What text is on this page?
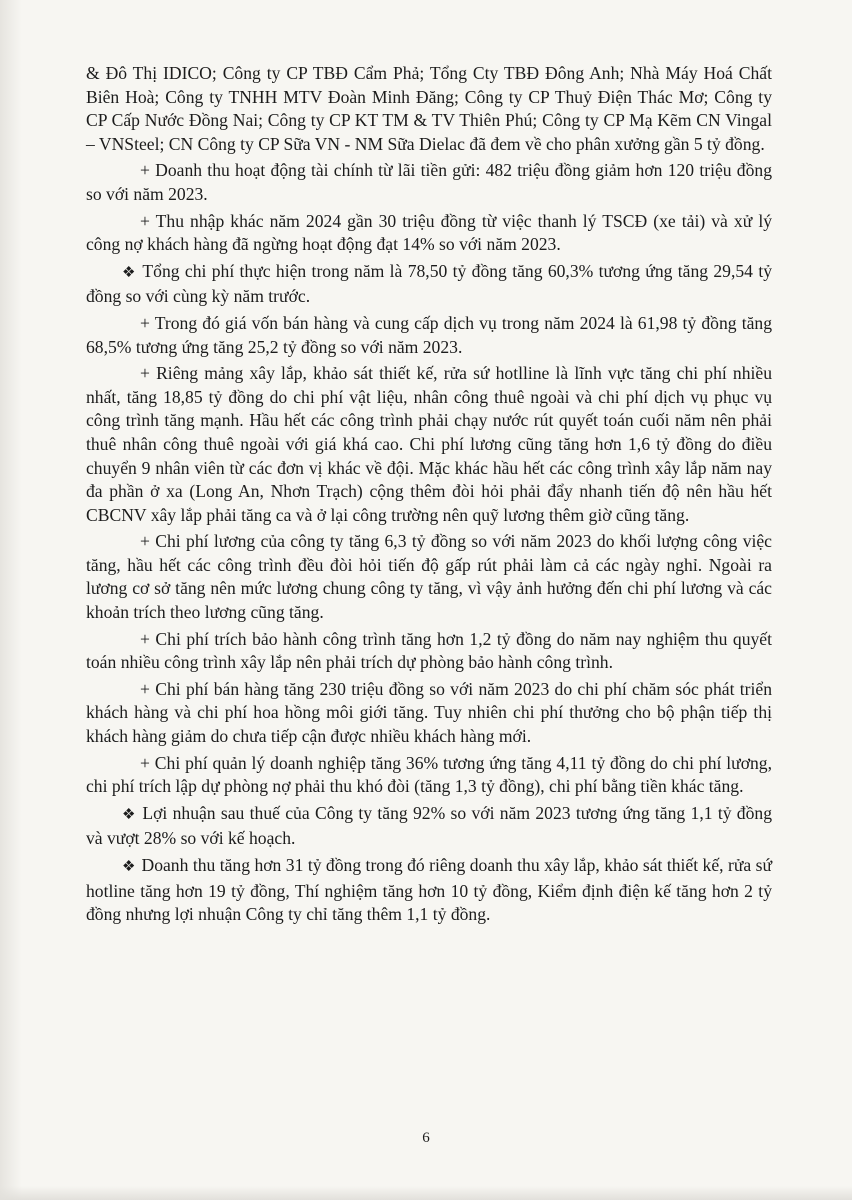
& Đô Thị IDICO; Công ty CP TBĐ Cẩm Phả; Tổng Cty TBĐ Đông Anh; Nhà Máy Hoá Chất Biên Hoà; Công ty TNHH MTV Đoàn Minh Đăng; Công ty CP Thuỷ Điện Thác Mơ; Công ty CP Cấp Nước Đồng Nai; Công ty CP KT TM & TV Thiên Phú; Công ty CP Mạ Kẽm CN Vingal – VNSteel; CN Công ty CP Sữa VN - NM Sữa Dielac đã đem về cho phân xưởng gần 5 tỷ đồng.

+ Doanh thu hoạt động tài chính từ lãi tiền gửi: 482 triệu đồng giảm hơn 120 triệu đồng so với năm 2023.

+ Thu nhập khác năm 2024 gần 30 triệu đồng từ việc thanh lý TSCĐ (xe tải) và xử lý công nợ khách hàng đã ngừng hoạt động đạt 14% so với năm 2023.

❖ Tổng chi phí thực hiện trong năm là 78,50 tỷ đồng tăng 60,3% tương ứng tăng 29,54 tỷ đồng so với cùng kỳ năm trước.

+ Trong đó giá vốn bán hàng và cung cấp dịch vụ trong năm 2024 là 61,98 tỷ đồng tăng 68,5% tương ứng tăng 25,2 tỷ đồng so với năm 2023.

+ Riêng mảng xây lắp, khảo sát thiết kế, rửa sứ hotlline là lĩnh vực tăng chi phí nhiều nhất, tăng 18,85 tỷ đồng do chi phí vật liệu, nhân công thuê ngoài và chi phí dịch vụ phục vụ công trình tăng mạnh. Hầu hết các công trình phải chạy nước rút quyết toán cuối năm nên phải thuê nhân công thuê ngoài với giá khá cao. Chi phí lương cũng tăng hơn 1,6 tỷ đồng do điều chuyển 9 nhân viên từ các đơn vị khác về đội. Mặc khác hầu hết các công trình xây lắp năm nay đa phần ở xa (Long An, Nhơn Trạch) cộng thêm đòi hỏi phải đẩy nhanh tiến độ nên hầu hết CBCNV xây lắp phải tăng ca và ở lại công trường nên quỹ lương thêm giờ cũng tăng.

+ Chi phí lương của công ty tăng 6,3 tỷ đồng so với năm 2023 do khối lượng công việc tăng, hầu hết các công trình đều đòi hỏi tiến độ gấp rút phải làm cả các ngày nghỉ. Ngoài ra lương cơ sở tăng nên mức lương chung công ty tăng, vì vậy ảnh hưởng đến chi phí lương và các khoản trích theo lương cũng tăng.

+ Chi phí trích bảo hành công trình tăng hơn 1,2 tỷ đồng do năm nay nghiệm thu quyết toán nhiều công trình xây lắp nên phải trích dự phòng bảo hành công trình.

+ Chi phí bán hàng tăng 230 triệu đồng so với năm 2023 do chi phí chăm sóc phát triển khách hàng và chi phí hoa hồng môi giới tăng. Tuy nhiên chi phí thưởng cho bộ phận tiếp thị khách hàng giảm do chưa tiếp cận được nhiều khách hàng mới.

+ Chi phí quản lý doanh nghiệp tăng 36% tương ứng tăng 4,11 tỷ đồng do chi phí lương, chi phí trích lập dự phòng nợ phải thu khó đòi (tăng 1,3 tỷ đồng), chi phí bằng tiền khác tăng.

❖ Lợi nhuận sau thuế của Công ty tăng 92% so với năm 2023 tương ứng tăng 1,1 tỷ đồng và vượt 28% so với kế hoạch.

❖ Doanh thu tăng hơn 31 tỷ đồng trong đó riêng doanh thu xây lắp, khảo sát thiết kế, rửa sứ hotline tăng hơn 19 tỷ đồng, Thí nghiệm tăng hơn 10 tỷ đồng, Kiểm định điện kế tăng hơn 2 tỷ đồng nhưng lợi nhuận Công ty chỉ tăng thêm 1,1 tỷ đồng.

6
